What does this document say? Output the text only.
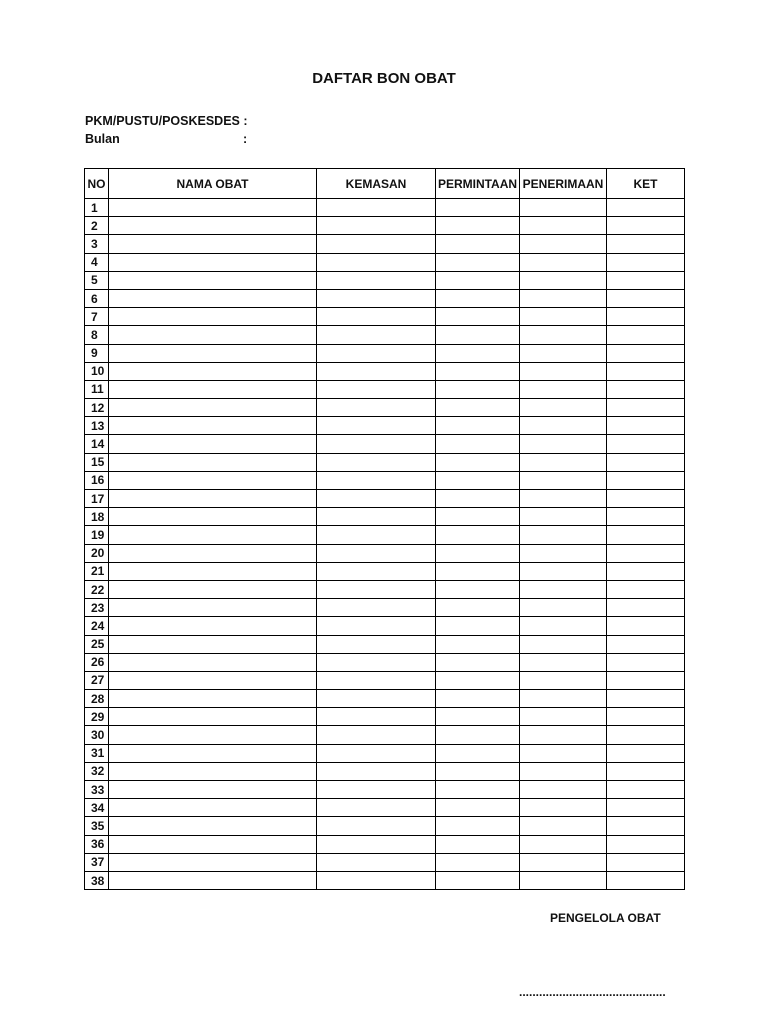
DAFTAR BON OBAT
PKM/PUSTU/POSKESDES :
Bulan	:
NO	NAMA OBAT	KEMASAN	PERMINTAAN	PENERIMAAN	KET
1					
2					
3					
4					
5					
6					
7					
8					
9					
10					
11					
12					
13					
14					
15					
16					
17					
18					
19					
20					
21					
22					
23					
24					
25					
26					
27					
28					
29					
30					
31					
32					
33					
34					
35					
36					
37					
38					
PENGELOLA OBAT
............................................
